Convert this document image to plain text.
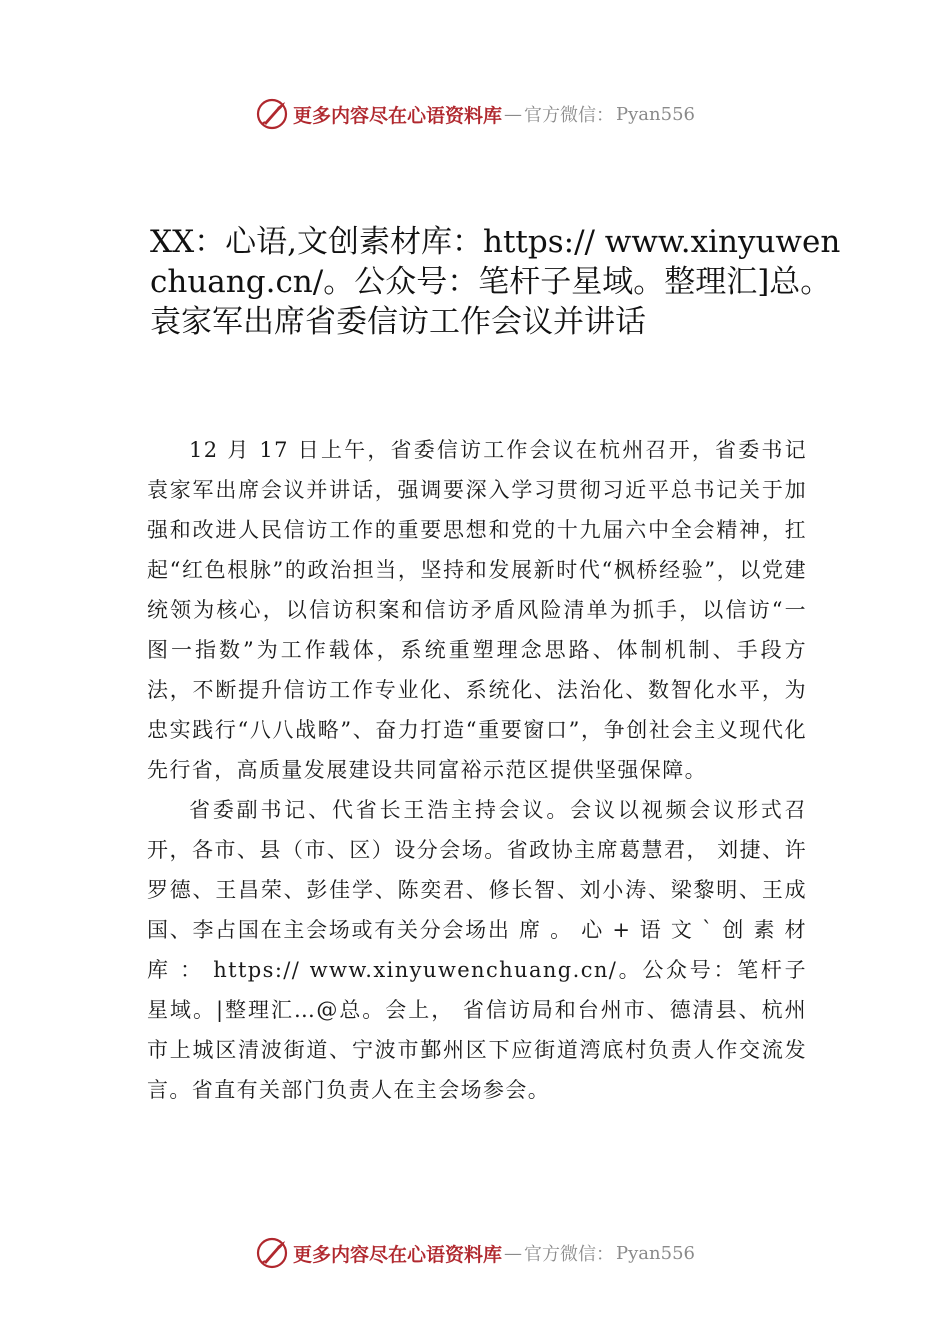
更多内容尽在心语资料库 — 官方微信： Pyan556
XX：心语,文创素材库：https:// www.xinyuwenchuang.cn/。公众号：笔杆子星域。整理汇]总。袁家军出席省委信访工作会议并讲话

12 月 17 日上午，省委信访工作会议在杭州召开，省委书记袁家军出席会议并讲话，强调要深入学习贯彻习近平总书记关于加强和改进人民信访工作的重要思想和党的十九届六中全会精神，扛起“红色根脉”的政治担当，坚持和发展新时代“枫桥经验”，以党建统领为核心，以信访积案和信访矛盾风险清单为抓手，以信访“一图一指数”为工作载体，系统重塑理念思路、体制机制、手段方法，不断提升信访工作专业化、系统化、法治化、数智化水平，为忠实践行“八八战略”、奋力打造“重要窗口”，争创社会主义现代化先行省，高质量发展建设共同富裕示范区提供坚强保障。

省委副书记、代省长王浩主持会议。会议以视频会议形式召开，各市、县（市、区）设分会场。省政协主席葛慧君， 刘捷、许罗德、王昌荣、彭佳学、陈奕君、修长智、刘小涛、梁黎明、王成国、李占国在主会场或有关分会场出 席 。 心 + 语 文 ` 创 素 材 库 ： https:// www.xinyuwenchuang.cn/。公众号：笔杆子星域。|整理汇…@总。会上， 省信访局和台州市、德清县、杭州市上城区清波街道、宁波市鄞州区下应街道湾底村负责人作交流发言。省直有关部门负责人在主会场参会。

更多内容尽在心语资料库 — 官方微信： Pyan556
